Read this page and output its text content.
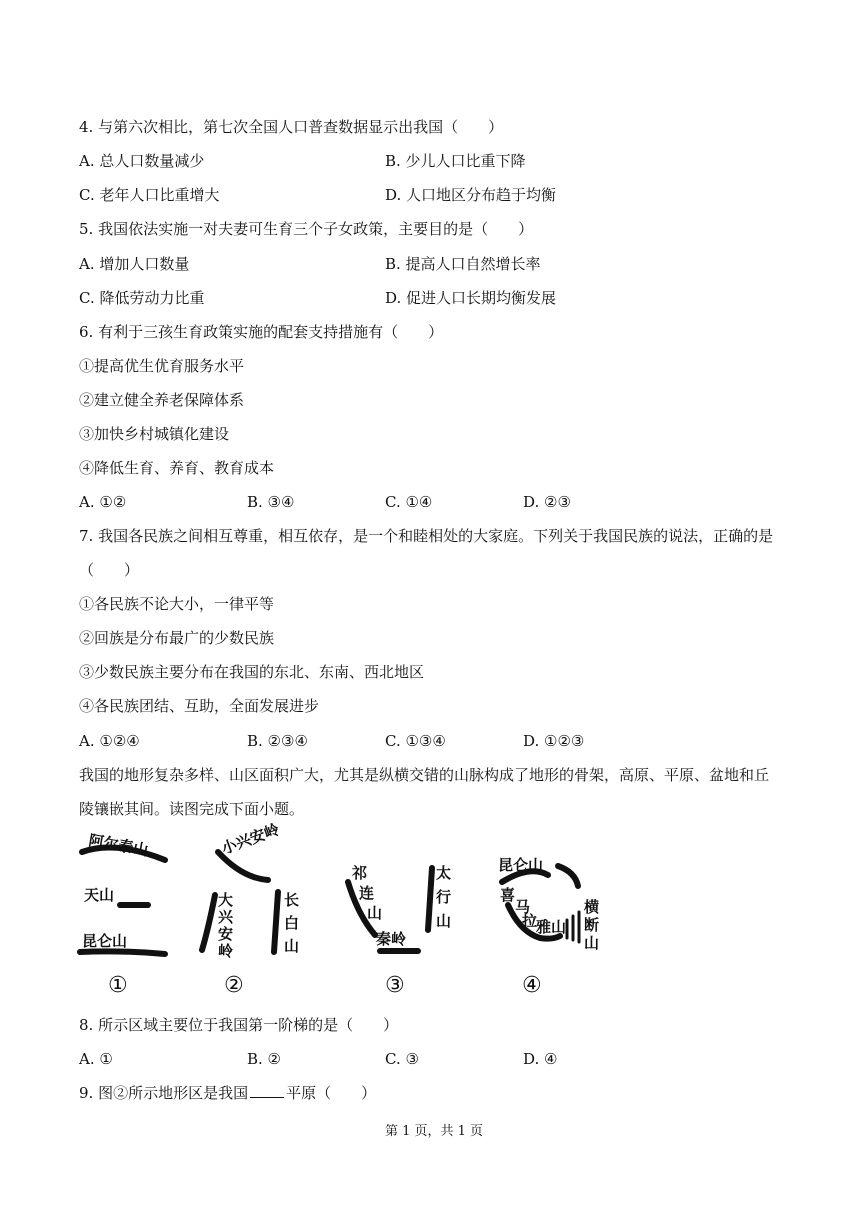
4. 与第六次相比，第七次全国人口普查数据显示出我国（　　）
A. 总人口数量减少	B. 少儿人口比重下降
C. 老年人口比重增大	D. 人口地区分布趋于均衡
5. 我国依法实施一对夫妻可生育三个子女政策，主要目的是（　　）
A. 增加人口数量	B. 提高人口自然增长率
C. 降低劳动力比重	D. 促进人口长期均衡发展
6. 有利于三孩生育政策实施的配套支持措施有（　　）
①提高优生优育服务水平
②建立健全养老保障体系
③加快乡村城镇化建设
④降低生育、养育、教育成本
A. ①②	B. ③④	C. ①④	D. ②③
7. 我国各民族之间相互尊重，相互依存，是一个和睦相处的大家庭。下列关于我国民族的说法，正确的是
（　　）
①各民族不论大小，一律平等
②回族是分布最广的少数民族
③少数民族主要分布在我国的东北、东南、西北地区
④各民族团结、互助，全面发展进步
A. ①②④	B. ②③④	C. ①③④	D. ①②③
我国的地形复杂多样、山区面积广大，尤其是纵横交错的山脉构成了地形的骨架，高原、平原、盆地和丘
陵镶嵌其间。读图完成下面小题。
阿尔泰山
天山
昆仑山
①
小兴安岭
大
兴
安
岭
长
白
山
②
祁
连
山
太
行
山
秦岭
③
昆仑山
喜
马
拉
雅山
横
断
山
④
8. 所示区域主要位于我国第一阶梯的是（　　）
A. ①	B. ②	C. ③	D. ④
9. 图②所示地形区是我国	平原（　　）
第 1 页，共 1 页
